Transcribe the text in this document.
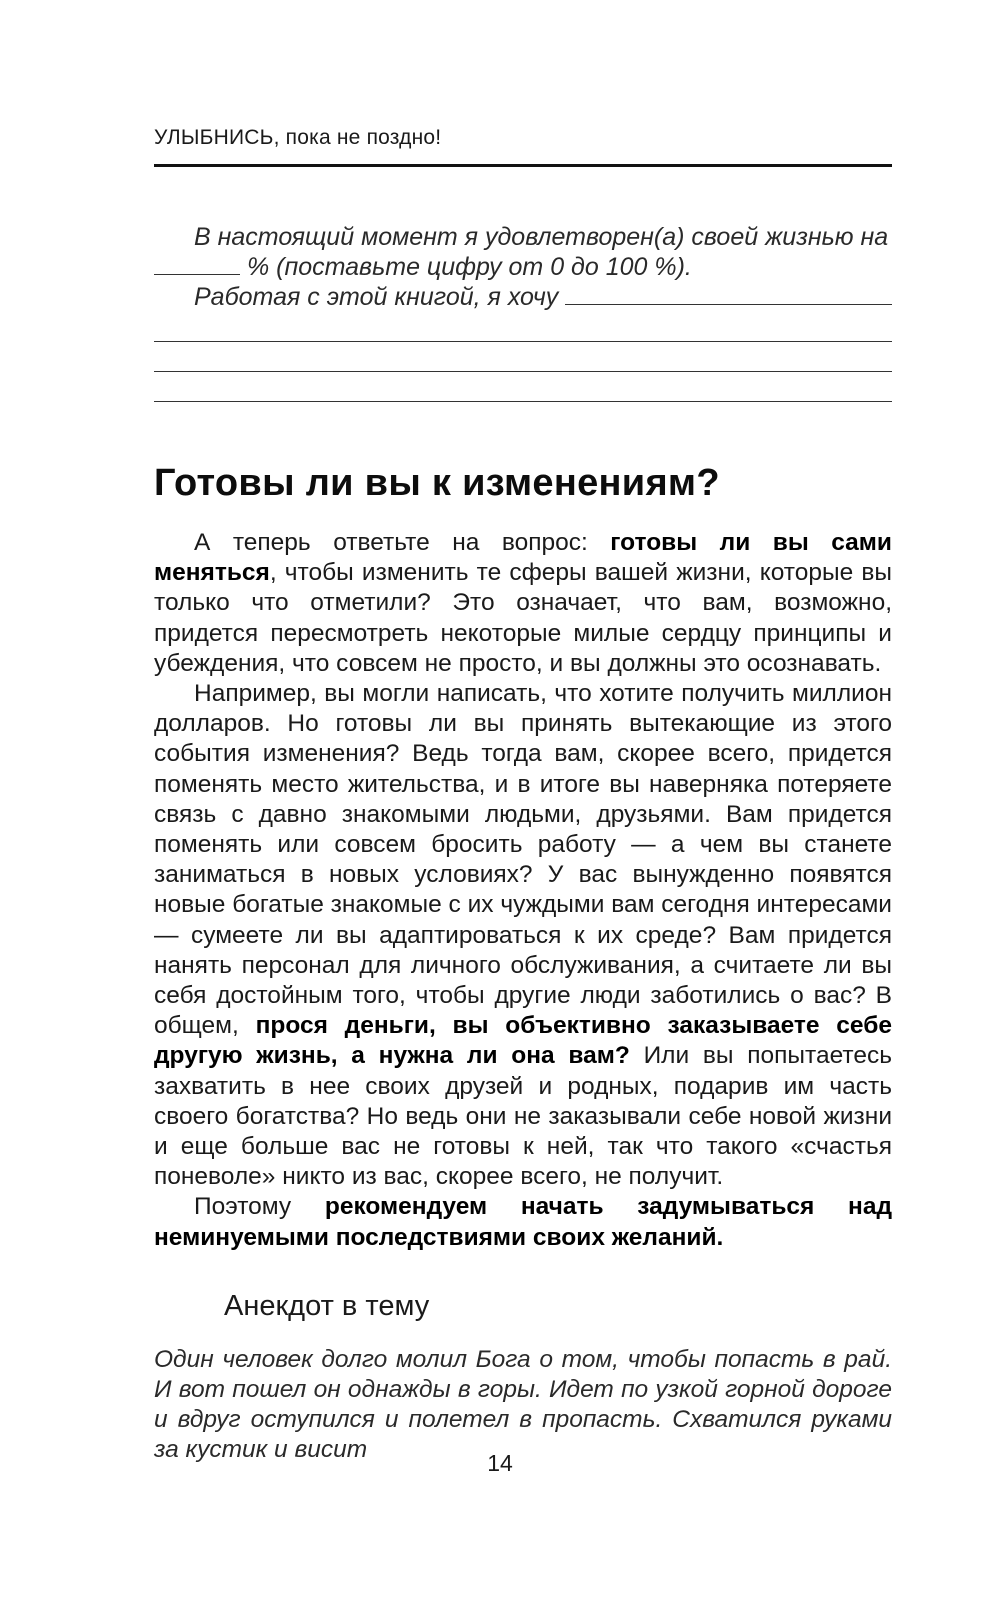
УЛЫБНИСЬ, пока не поздно!
В настоящий момент я удовлетворен(а) своей жизнью на
% (поставьте цифру от 0 до 100 %).
Работая с этой книгой, я хочу
Готовы ли вы к изменениям?

А теперь ответьте на вопрос: готовы ли вы сами меняться, чтобы изменить те сферы вашей жизни, которые вы только что отметили? Это означает, что вам, возможно, придется пересмотреть некоторые милые сердцу принципы и убеждения, что совсем не просто, и вы должны это осознавать.

Например, вы могли написать, что хотите получить миллион долларов. Но готовы ли вы принять вытекающие из этого события изменения? Ведь тогда вам, скорее всего, придется поменять место жительства, и в итоге вы наверняка потеряете связь с давно знакомыми людьми, друзьями. Вам придется поменять или совсем бросить работу — а чем вы станете заниматься в новых условиях? У вас вынужденно появятся новые богатые знакомые с их чуждыми вам сегодня интересами — сумеете ли вы адаптироваться к их среде? Вам придется нанять персонал для личного обслуживания, а считаете ли вы себя достойным того, чтобы другие люди заботились о вас? В общем, прося деньги, вы объективно заказываете себе другую жизнь, а нужна ли она вам? Или вы попытаетесь захватить в нее своих друзей и родных, подарив им часть своего богатства? Но ведь они не заказывали себе новой жизни и еще больше вас не готовы к ней, так что такого «счастья поневоле» никто из вас, скорее всего, не получит.

Поэтому рекомендуем начать задумываться над неминуемыми последствиями своих желаний.

Анекдот в тему
Один человек долго молил Бога о том, чтобы попасть в рай. И вот пошел он однажды в горы. Идет по узкой горной дороге и вдруг оступился и полетел в пропасть. Схватился руками за кустик и висит	14
